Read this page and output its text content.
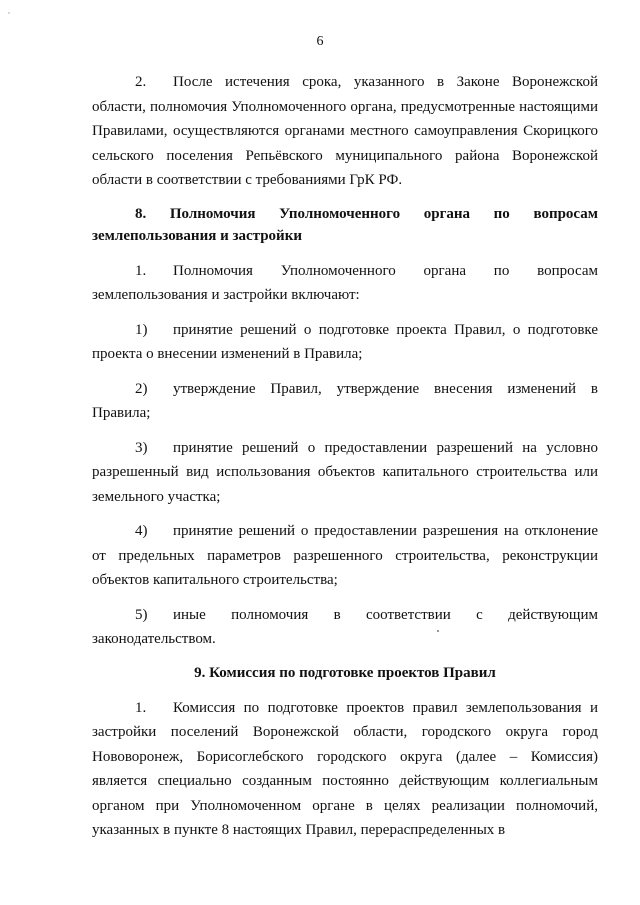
6

2. После истечения срока, указанного в Законе Воронежской области, полномочия Уполномоченного органа, предусмотренные настоящими Правилами, осуществляются органами местного самоуправления Скорицкого сельского поселения Репьёвского муниципального района Воронежской области в соответствии с требованиями ГрК РФ.

8. Полномочия Уполномоченного органа по вопросам землепользования и застройки

1. Полномочия Уполномоченного органа по вопросам землепользования и застройки включают:

1) принятие решений о подготовке проекта Правил, о подготовке проекта о внесении изменений в Правила;

2) утверждение Правил, утверждение внесения изменений в Правила;

3) принятие решений о предоставлении разрешений на условно разрешенный вид использования объектов капитального строительства или земельного участка;

4) принятие решений о предоставлении разрешения на отклонение от предельных параметров разрешенного строительства, реконструкции объектов капитального строительства;

5) иные полномочия в соответствии с действующим законодательством.

9. Комиссия по подготовке проектов Правил

1. Комиссия по подготовке проектов правил землепользования и застройки поселений Воронежской области, городского округа город Нововоронеж, Борисоглебского городского округа (далее – Комиссия) является специально созданным постоянно действующим коллегиальным органом при Уполномоченном органе в целях реализации полномочий, указанных в пункте 8 настоящих Правил, перераспределенных в
